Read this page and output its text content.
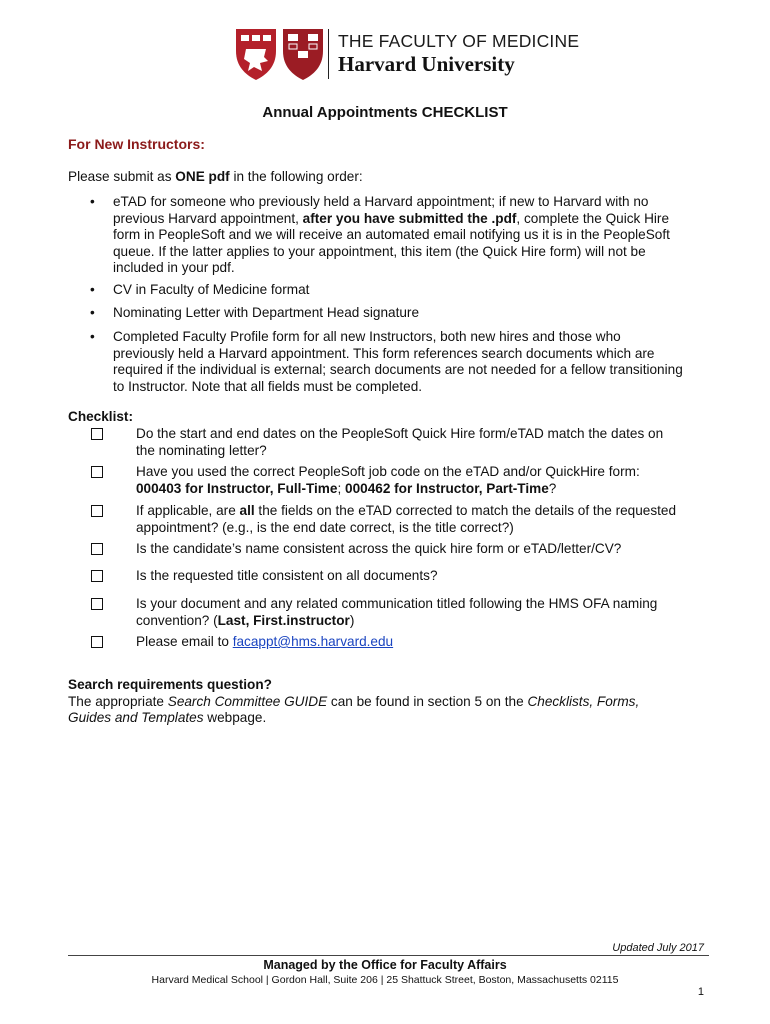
THE FACULTY OF MEDICINE
Harvard University
Annual Appointments CHECKLIST
For New Instructors:
Please submit as ONE pdf in the following order:
• eTAD for someone who previously held a Harvard appointment; if new to Harvard with no
previous Harvard appointment, after you have submitted the .pdf, complete the Quick Hire
form in PeopleSoft and we will receive an automated email notifying us it is in the PeopleSoft
queue. If the latter applies to your appointment, this item (the Quick Hire form) will not be
included in your pdf.
• CV in Faculty of Medicine format
• Nominating Letter with Department Head signature
• Completed Faculty Profile form for all new Instructors, both new hires and those who
previously held a Harvard appointment. This form references search documents which are
required if the individual is external; search documents are not needed for a fellow transitioning
to Instructor. Note that all fields must be completed.
Checklist:
Do the start and end dates on the PeopleSoft Quick Hire form/eTAD match the dates on
the nominating letter?
Have you used the correct PeopleSoft job code on the eTAD and/or QuickHire form:
000403 for Instructor, Full-Time; 000462 for Instructor, Part-Time?
If applicable, are all the fields on the eTAD corrected to match the details of the requested
appointment? (e.g., is the end date correct, is the title correct?)
Is the candidate’s name consistent across the quick hire form or eTAD/letter/CV?
Is the requested title consistent on all documents?
Is your document and any related communication titled following the HMS OFA naming
convention? (Last, First.instructor)
Please email to facappt@hms.harvard.edu
Search requirements question?
The appropriate Search Committee GUIDE can be found in section 5 on the Checklists, Forms,
Guides and Templates webpage.
Updated July 2017
Managed by the Office for Faculty Affairs
Harvard Medical School | Gordon Hall, Suite 206 | 25 Shattuck Street, Boston, Massachusetts 02115
1
